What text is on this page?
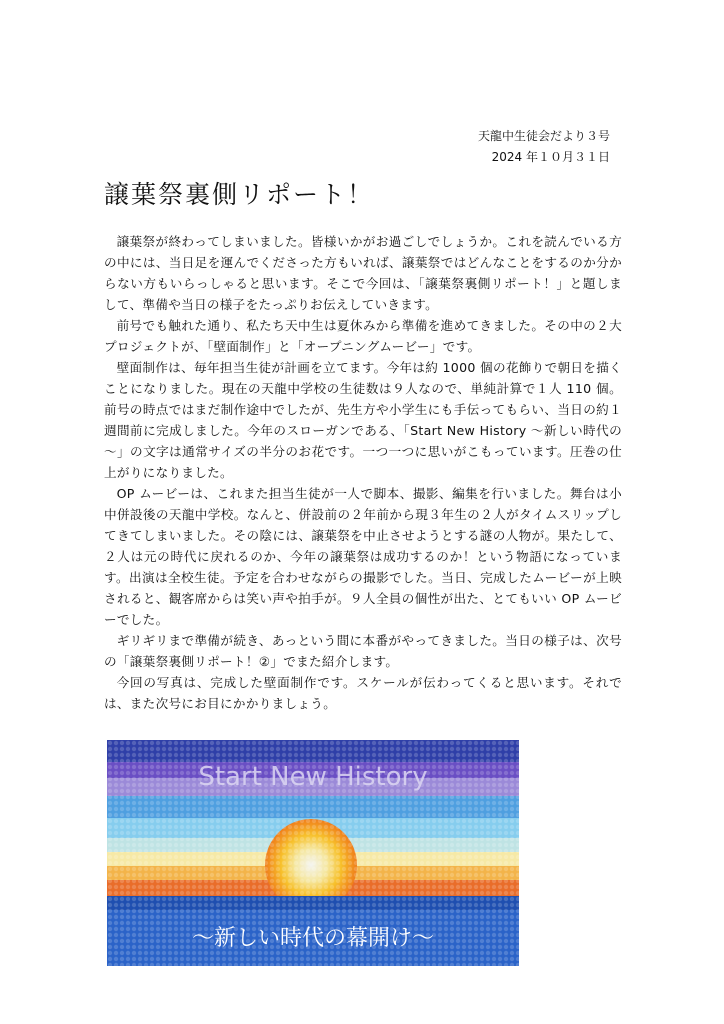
天龍中生徒会だより３号
2024 年１０月３１日
譲葉祭裏側リポート！

譲葉祭が終わってしまいました。皆様いかがお過ごしでしょうか。これを読んでいる方の中には、当日足を運んでくださった方もいれば、譲葉祭ではどんなことをするのか分からない方もいらっしゃると思います。そこで今回は、「譲葉祭裏側リポート！」と題しまして、準備や当日の様子をたっぷりお伝えしていきます。

前号でも触れた通り、私たち天中生は夏休みから準備を進めてきました。その中の２大プロジェクトが、「壁面制作」と「オープニングムービー」です。

壁面制作は、毎年担当生徒が計画を立てます。今年は約 1000 個の花飾りで朝日を描くことになりました。現在の天龍中学校の生徒数は９人なので、単純計算で１人 110 個。前号の時点ではまだ制作途中でしたが、先生方や小学生にも手伝ってもらい、当日の約１週間前に完成しました。今年のスローガンである、「Start New History ～新しい時代の～」の文字は通常サイズの半分のお花です。一つ一つに思いがこもっています。圧巻の仕上がりになりました。

OP ムービーは、これまた担当生徒が一人で脚本、撮影、編集を行いました。舞台は小中併設後の天龍中学校。なんと、併設前の２年前から現３年生の２人がタイムスリップしてきてしまいました。その陰には、譲葉祭を中止させようとする謎の人物が。果たして、２人は元の時代に戻れるのか、今年の譲葉祭は成功するのか！という物語になっています。出演は全校生徒。予定を合わせながらの撮影でした。当日、完成したムービーが上映されると、観客席からは笑い声や拍手が。９人全員の個性が出た、とてもいい OP ムービーでした。

ギリギリまで準備が続き、あっという間に本番がやってきました。当日の様子は、次号の「譲葉祭裏側リポート！②」でまた紹介します。

今回の写真は、完成した壁面制作です。スケールが伝わってくると思います。それでは、また次号にお目にかかりましょう。

Start New History
～新しい時代の幕開け～
